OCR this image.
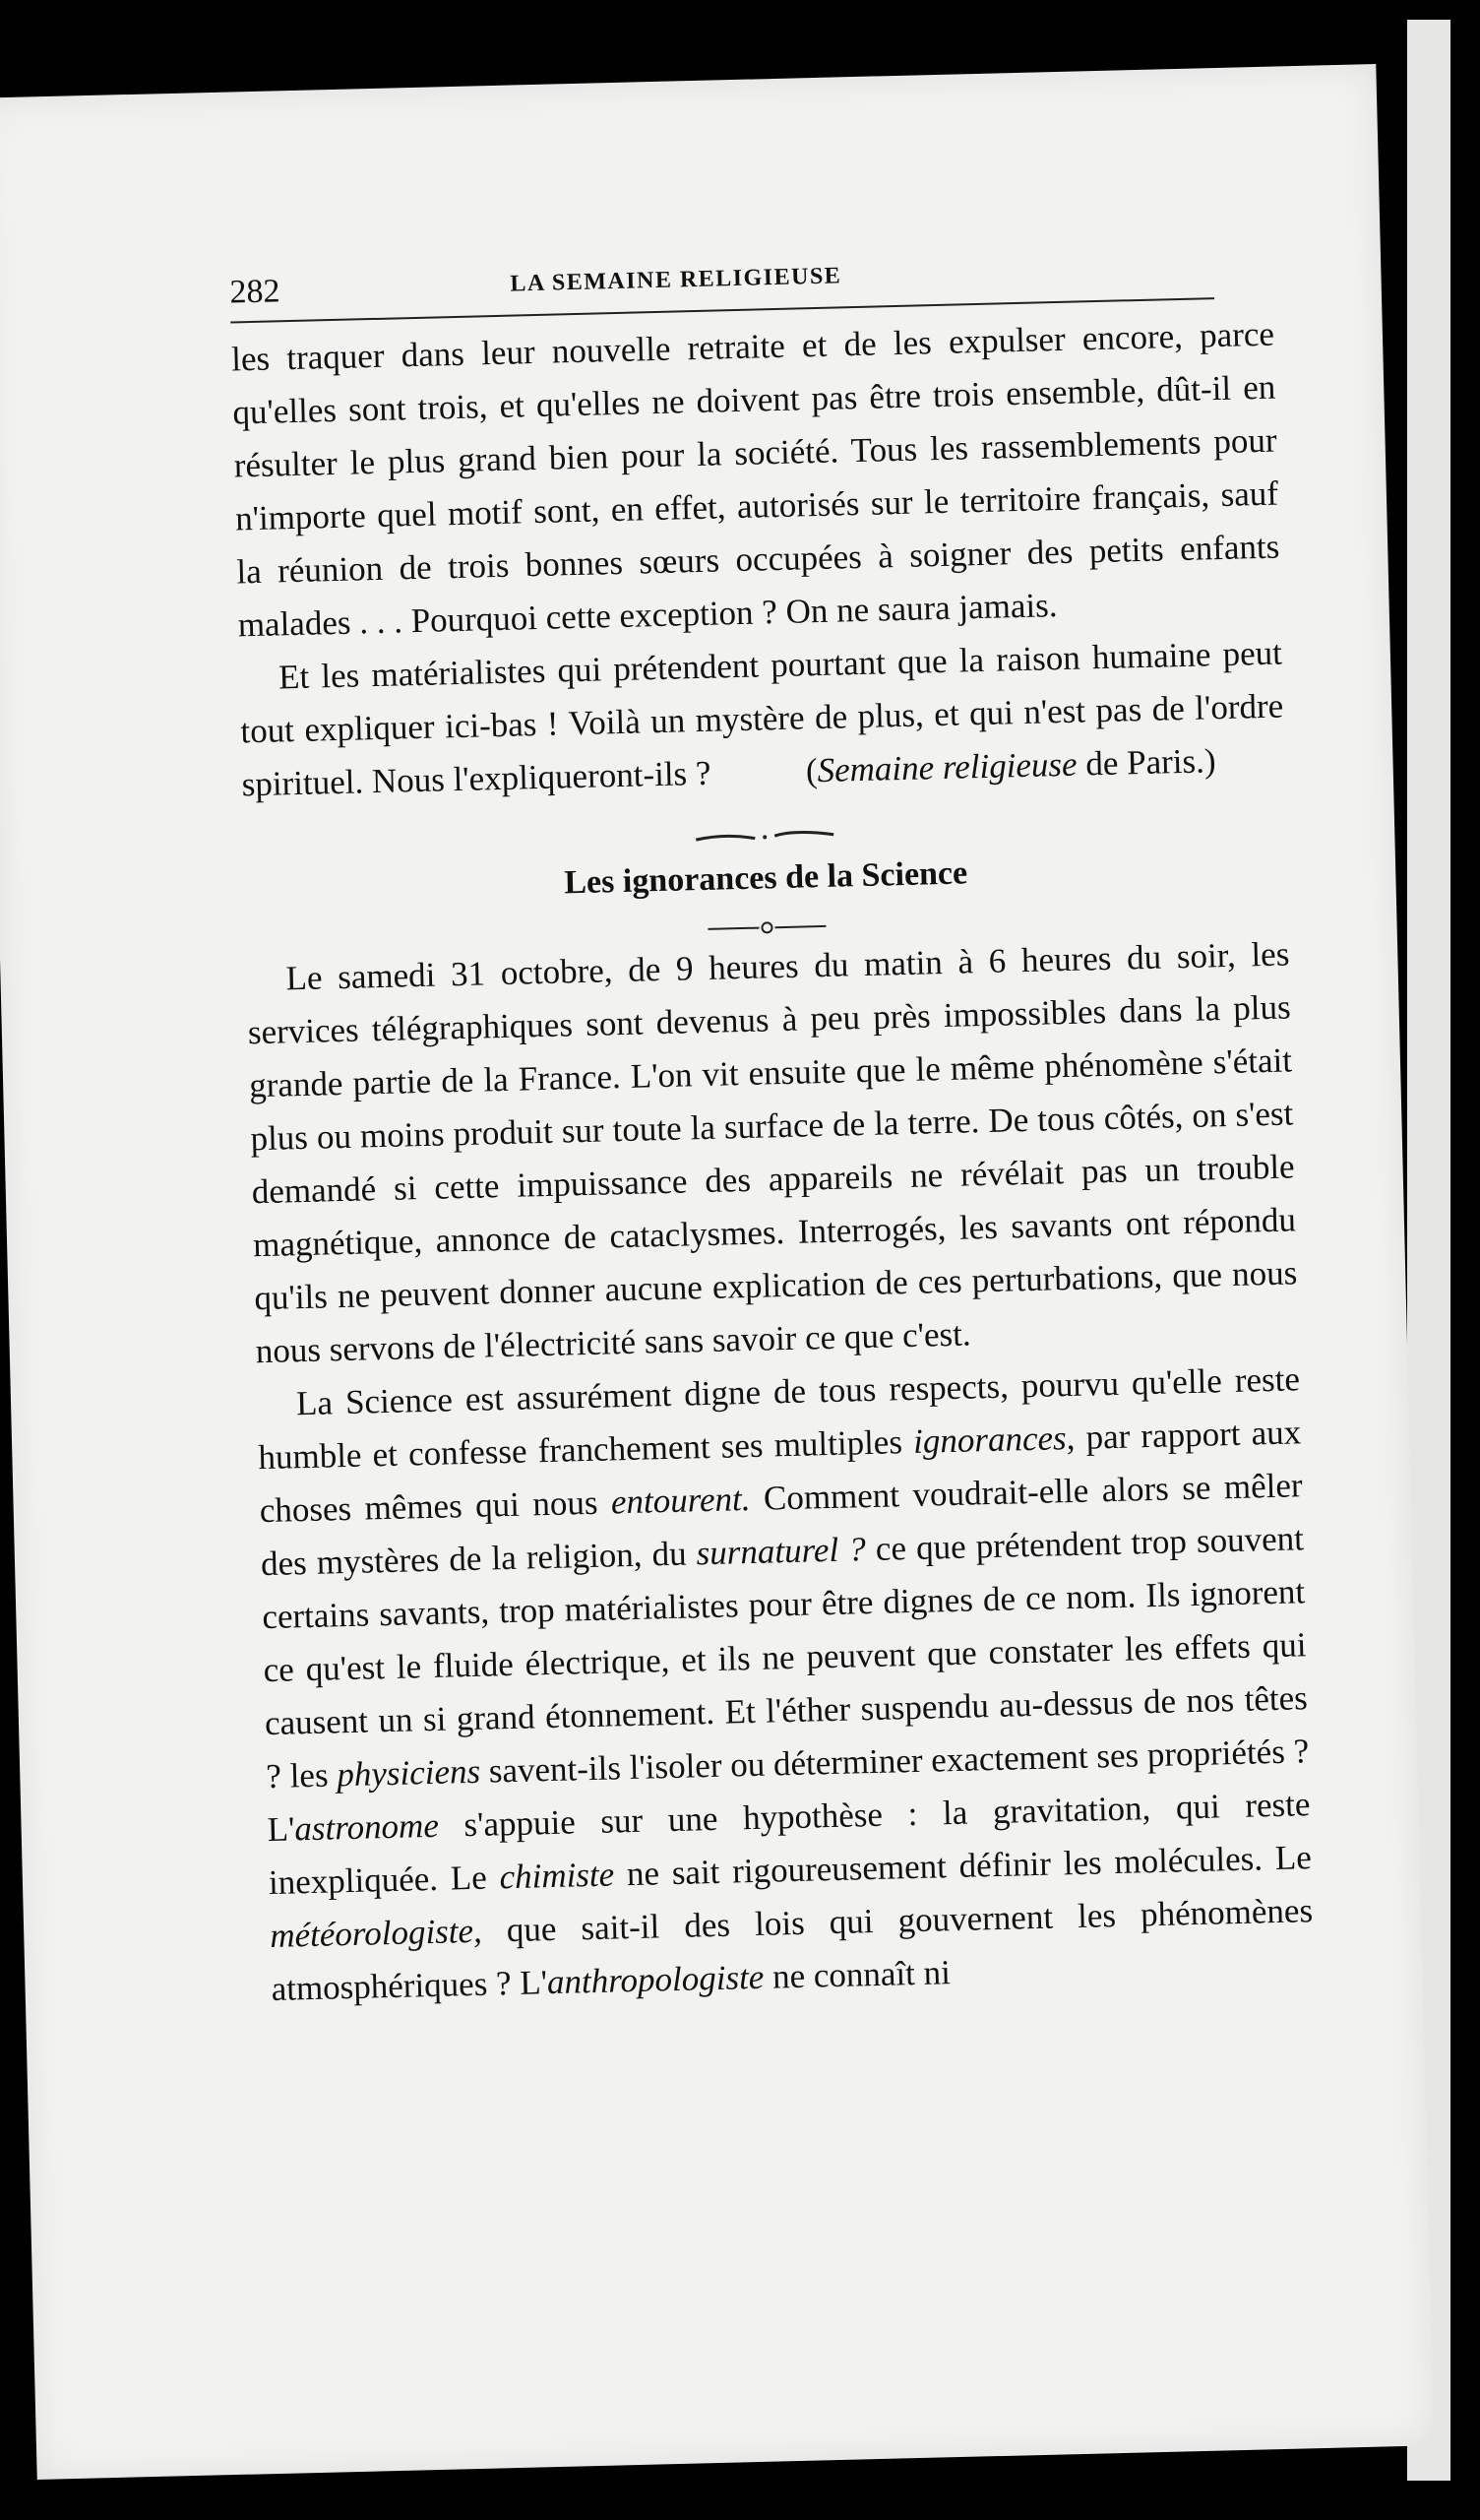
282	LA SEMAINE RELIGIEUSE

les traquer dans leur nouvelle retraite et de les expulser encore, parce qu'elles sont trois, et qu'elles ne doivent pas être trois ensemble, dût-il en résulter le plus grand bien pour la société. Tous les rassemblements pour n'importe quel motif sont, en effet, autorisés sur le territoire français, sauf la réunion de trois bonnes sœurs occupées à soigner des petits enfants malades . . . Pourquoi cette exception ? On ne saura jamais.

Et les matérialistes qui prétendent pourtant que la raison humaine peut tout expliquer ici-bas ! Voilà un mystère de plus, et qui n'est pas de l'ordre spirituel. Nous l'expliqueront-ils ?	(Semaine religieuse de Paris.)

Les ignorances de la Science

Le samedi 31 octobre, de 9 heures du matin à 6 heures du soir, les services télégraphiques sont devenus à peu près impossibles dans la plus grande partie de la France. L'on vit ensuite que le même phénomène s'était plus ou moins produit sur toute la surface de la terre. De tous côtés, on s'est demandé si cette impuissance des appareils ne révélait pas un trouble magnétique, annonce de cataclysmes. Interrogés, les savants ont répondu qu'ils ne peuvent donner aucune explication de ces perturbations, que nous nous servons de l'électricité sans savoir ce que c'est.

La Science est assurément digne de tous respects, pourvu qu'elle reste humble et confesse franchement ses multiples ignorances, par rapport aux choses mêmes qui nous entourent. Comment voudrait-elle alors se mêler des mystères de la religion, du surnaturel ? ce que prétendent trop souvent certains savants, trop matérialistes pour être dignes de ce nom. Ils ignorent ce qu'est le fluide électrique, et ils ne peuvent que constater les effets qui causent un si grand étonnement. Et l'éther suspendu au-dessus de nos têtes ? les physiciens savent-ils l'isoler ou déterminer exactement ses propriétés ? L'astronome s'appuie sur une hypothèse : la gravitation, qui reste inexpliquée. Le chimiste ne sait rigoureusement définir les molécules. Le météorologiste, que sait-il des lois qui gouvernent les phénomènes atmosphériques ? L'anthropologiste ne connaît ni
